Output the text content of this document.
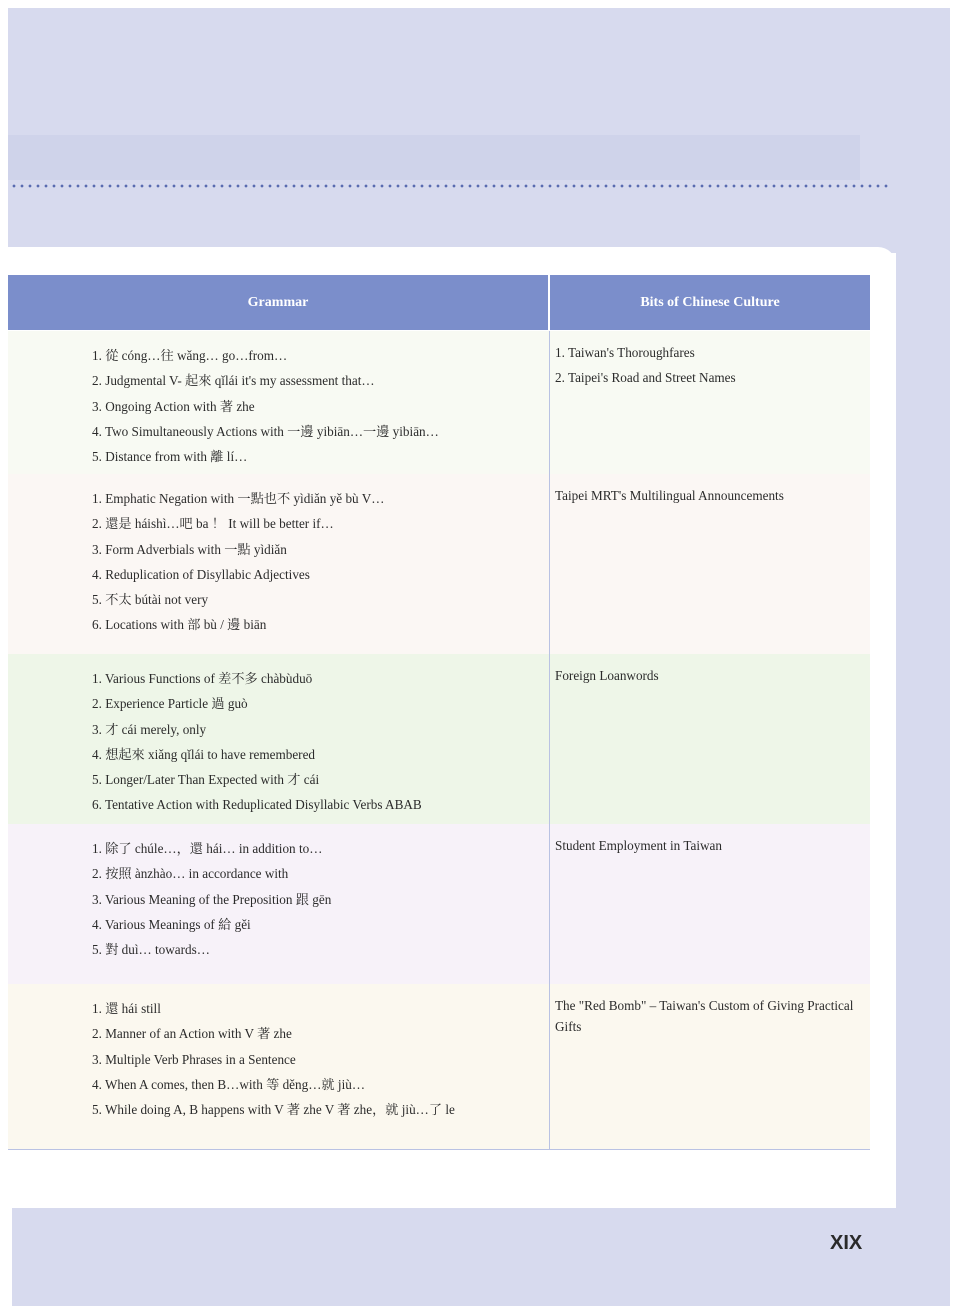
Grammar	Bits of Chinese Culture
1. 從 cóng…往 wǎng… go…from…
2. Judgmental V- 起來 qǐlái it's my assessment that…
3. Ongoing Action with 著 zhe
4. Two Simultaneously Actions with 一邊 yibiān…一邊 yibiān…
5. Distance from with 離 lí…
1. Taiwan's Thoroughfares
2. Taipei's Road and Street Names
1. Emphatic Negation with 一點也不 yìdiǎn yě bù V…
2. 還是 háishì…吧 ba ！ It will be better if…
3. Form Adverbials with 一點 yìdiǎn
4. Reduplication of Disyllabic Adjectives
5. 不太 bútài not very
6. Locations with 部 bù / 邊 biān
Taipei MRT's Multilingual Announcements
1. Various Functions of 差不多 chàbùduō
2. Experience Particle 過 guò
3. 才 cái merely, only
4. 想起來 xiǎng qǐlái to have remembered
5. Longer/Later Than Expected with 才 cái
6. Tentative Action with Reduplicated Disyllabic Verbs ABAB
Foreign Loanwords
1. 除了 chúle…，還 hái… in addition to…
2. 按照 ànzhào… in accordance with
3. Various Meaning of the Preposition 跟 gēn
4. Various Meanings of 給 gěi
5. 對 duì… towards…
Student Employment in Taiwan
1. 還 hái still
2. Manner of an Action with V 著 zhe
3. Multiple Verb Phrases in a Sentence
4. When A comes, then B…with 等 děng…就 jiù…
5. While doing A, B happens with V 著 zhe V 著 zhe，就 jiù…了 le
The "Red Bomb" – Taiwan's Custom of Giving Practical Gifts
XIX
